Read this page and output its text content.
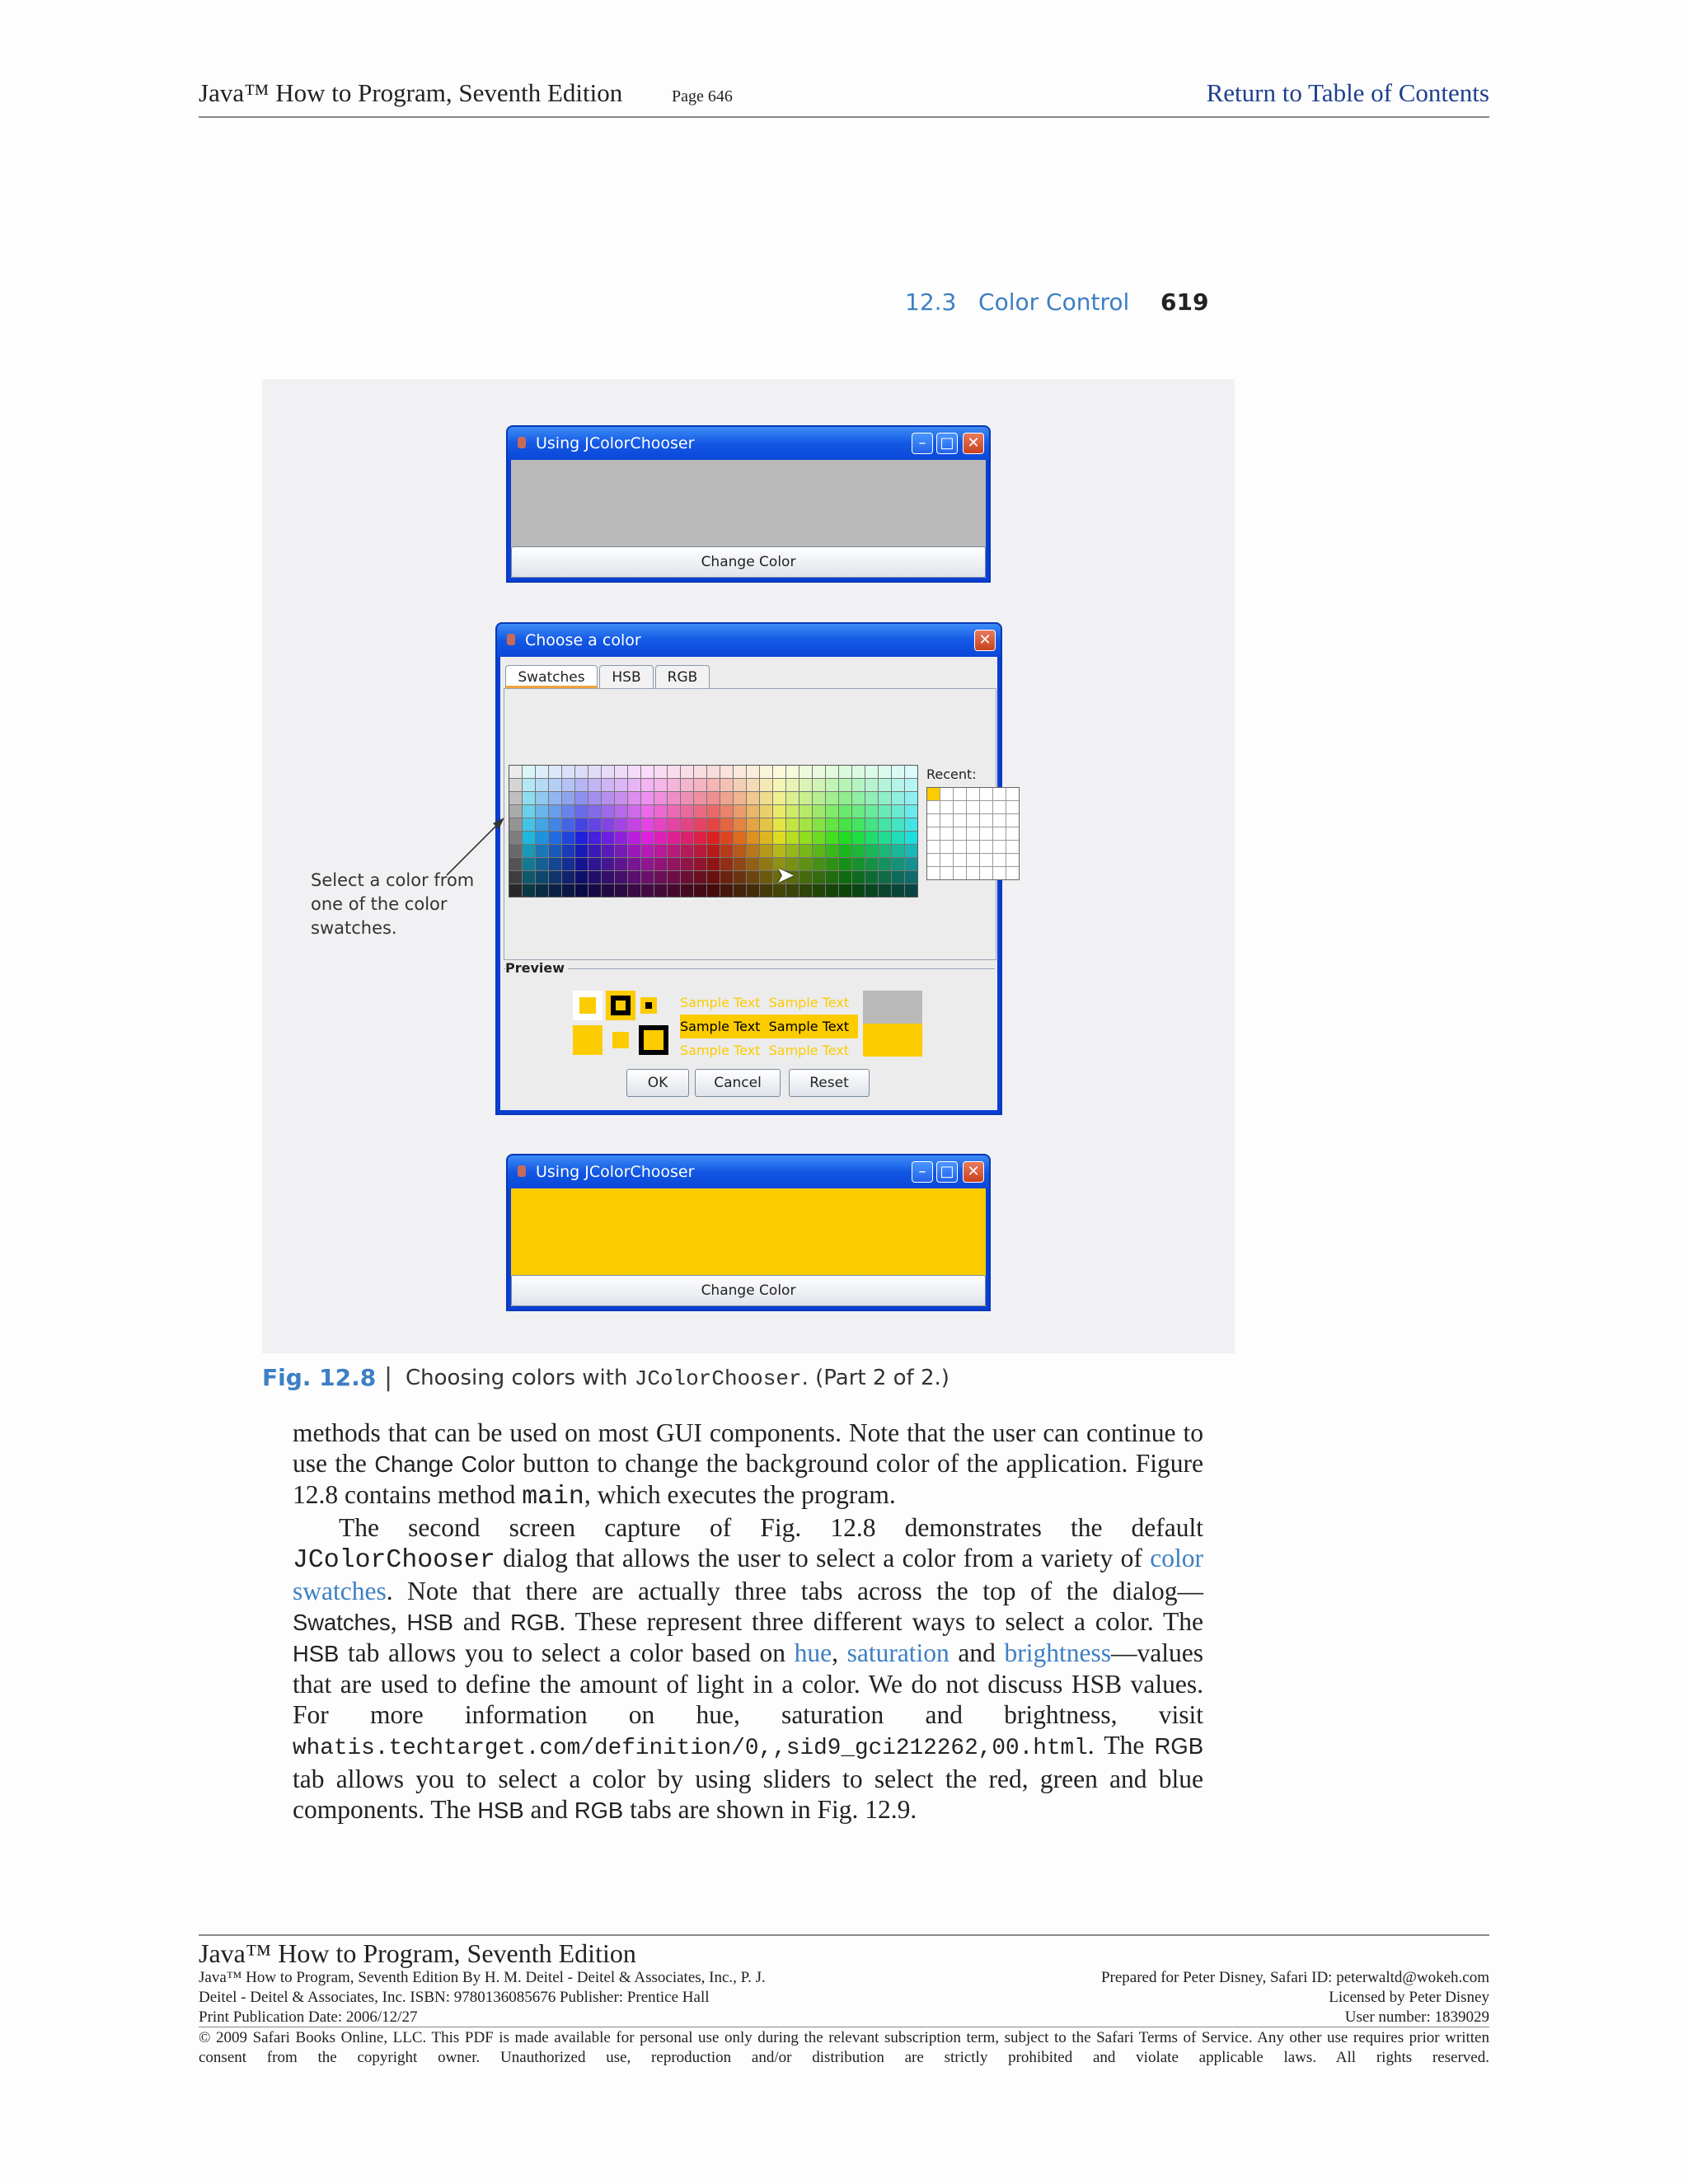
Java™ How to Program, Seventh Edition	Page 646	Return to Table of Contents
12.3   Color Control 619
Using JColorChooser	– □ ✕
Change Color
Choose a color	✕
Swatches	HSB	RGB
Recent:
➤
Preview
Sample Text  Sample Text
Sample Text  Sample Text
Sample Text  Sample Text
OK	Cancel	Reset
Using JColorChooser	– □ ✕
Change Color
Select a color from
one of the color
swatches.
Fig. 12.8 | Choosing colors with JColorChooser. (Part 2 of 2.)

methods that can be used on most GUI components. Note that the user can continue to use the Change Color button to change the background color of the application. Figure 12.8 contains method main, which executes the program.

The second screen capture of Fig. 12.8 demonstrates the default JColorChooser dialog that allows the user to select a color from a variety of color swatches. Note that there are actually three tabs across the top of the dialog—Swatches, HSB and RGB. These represent three different ways to select a color. The HSB tab allows you to select a color based on hue, saturation and brightness—values that are used to define the amount of light in a color. We do not discuss HSB values. For more information on hue, saturation and brightness, visit whatis.techtarget.com/definition/0,,sid9_gci212262,00.html. The RGB tab allows you to select a color by using sliders to select the red, green and blue components. The HSB and RGB tabs are shown in Fig. 12.9.

Java™ How to Program, Seventh Edition
Java™ How to Program, Seventh Edition By H. M. Deitel - Deitel & Associates, Inc., P. J.
Deitel - Deitel & Associates, Inc. ISBN: 9780136085676 Publisher: Prentice Hall
Print Publication Date: 2006/12/27
Prepared for Peter Disney, Safari ID: peterwaltd@wokeh.com
Licensed by Peter Disney
User number: 1839029
© 2009 Safari Books Online, LLC. This PDF is made available for personal use only during the relevant subscription term, subject to the Safari Terms of Service. Any other use requires prior written consent from the copyright owner. Unauthorized use, reproduction and/or distribution are strictly prohibited and violate applicable laws. All rights reserved.
